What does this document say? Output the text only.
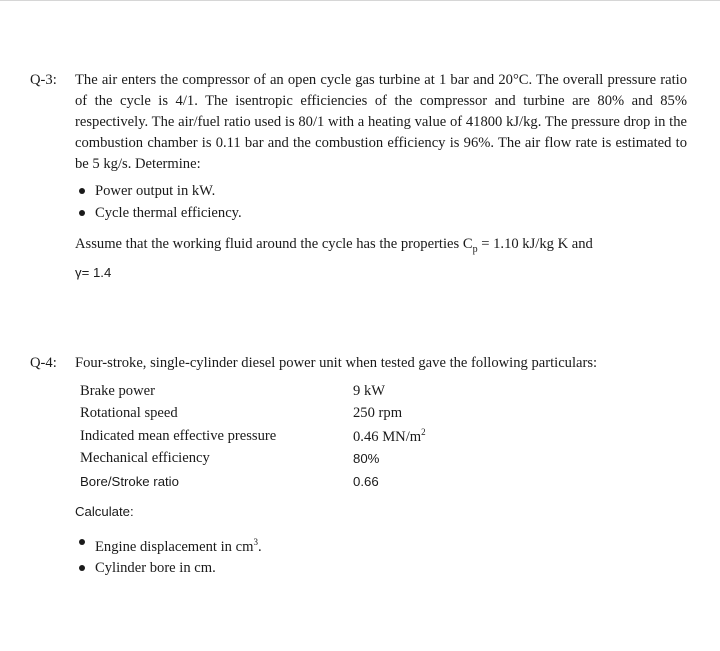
Q-3: The air enters the compressor of an open cycle gas turbine at 1 bar and 20°C. The overall pressure ratio of the cycle is 4/1. The isentropic efficiencies of the compressor and turbine are 80% and 85% respectively. The air/fuel ratio used is 80/1 with a heating value of 41800 kJ/kg. The pressure drop in the combustion chamber is 0.11 bar and the combustion efficiency is 96%. The air flow rate is estimated to be 5 kg/s. Determine:

Power output in kW.
Cycle thermal efficiency.

Assume that the working fluid around the cycle has the properties $C_p = 1.10$ kJ/kg K and

γ= 1.4
Q-4: Four-stroke, single-cylinder diesel power unit when tested gave the following particulars:
Brake power	9 kW
Rotational speed	250 rpm
Indicated mean effective pressure	0.46 $MN/m^2$
Mechanical efficiency	80%
Bore/Stroke ratio	0.66
Calculate:
Engine displacement in $cm^3$.
Cylinder bore in cm.
